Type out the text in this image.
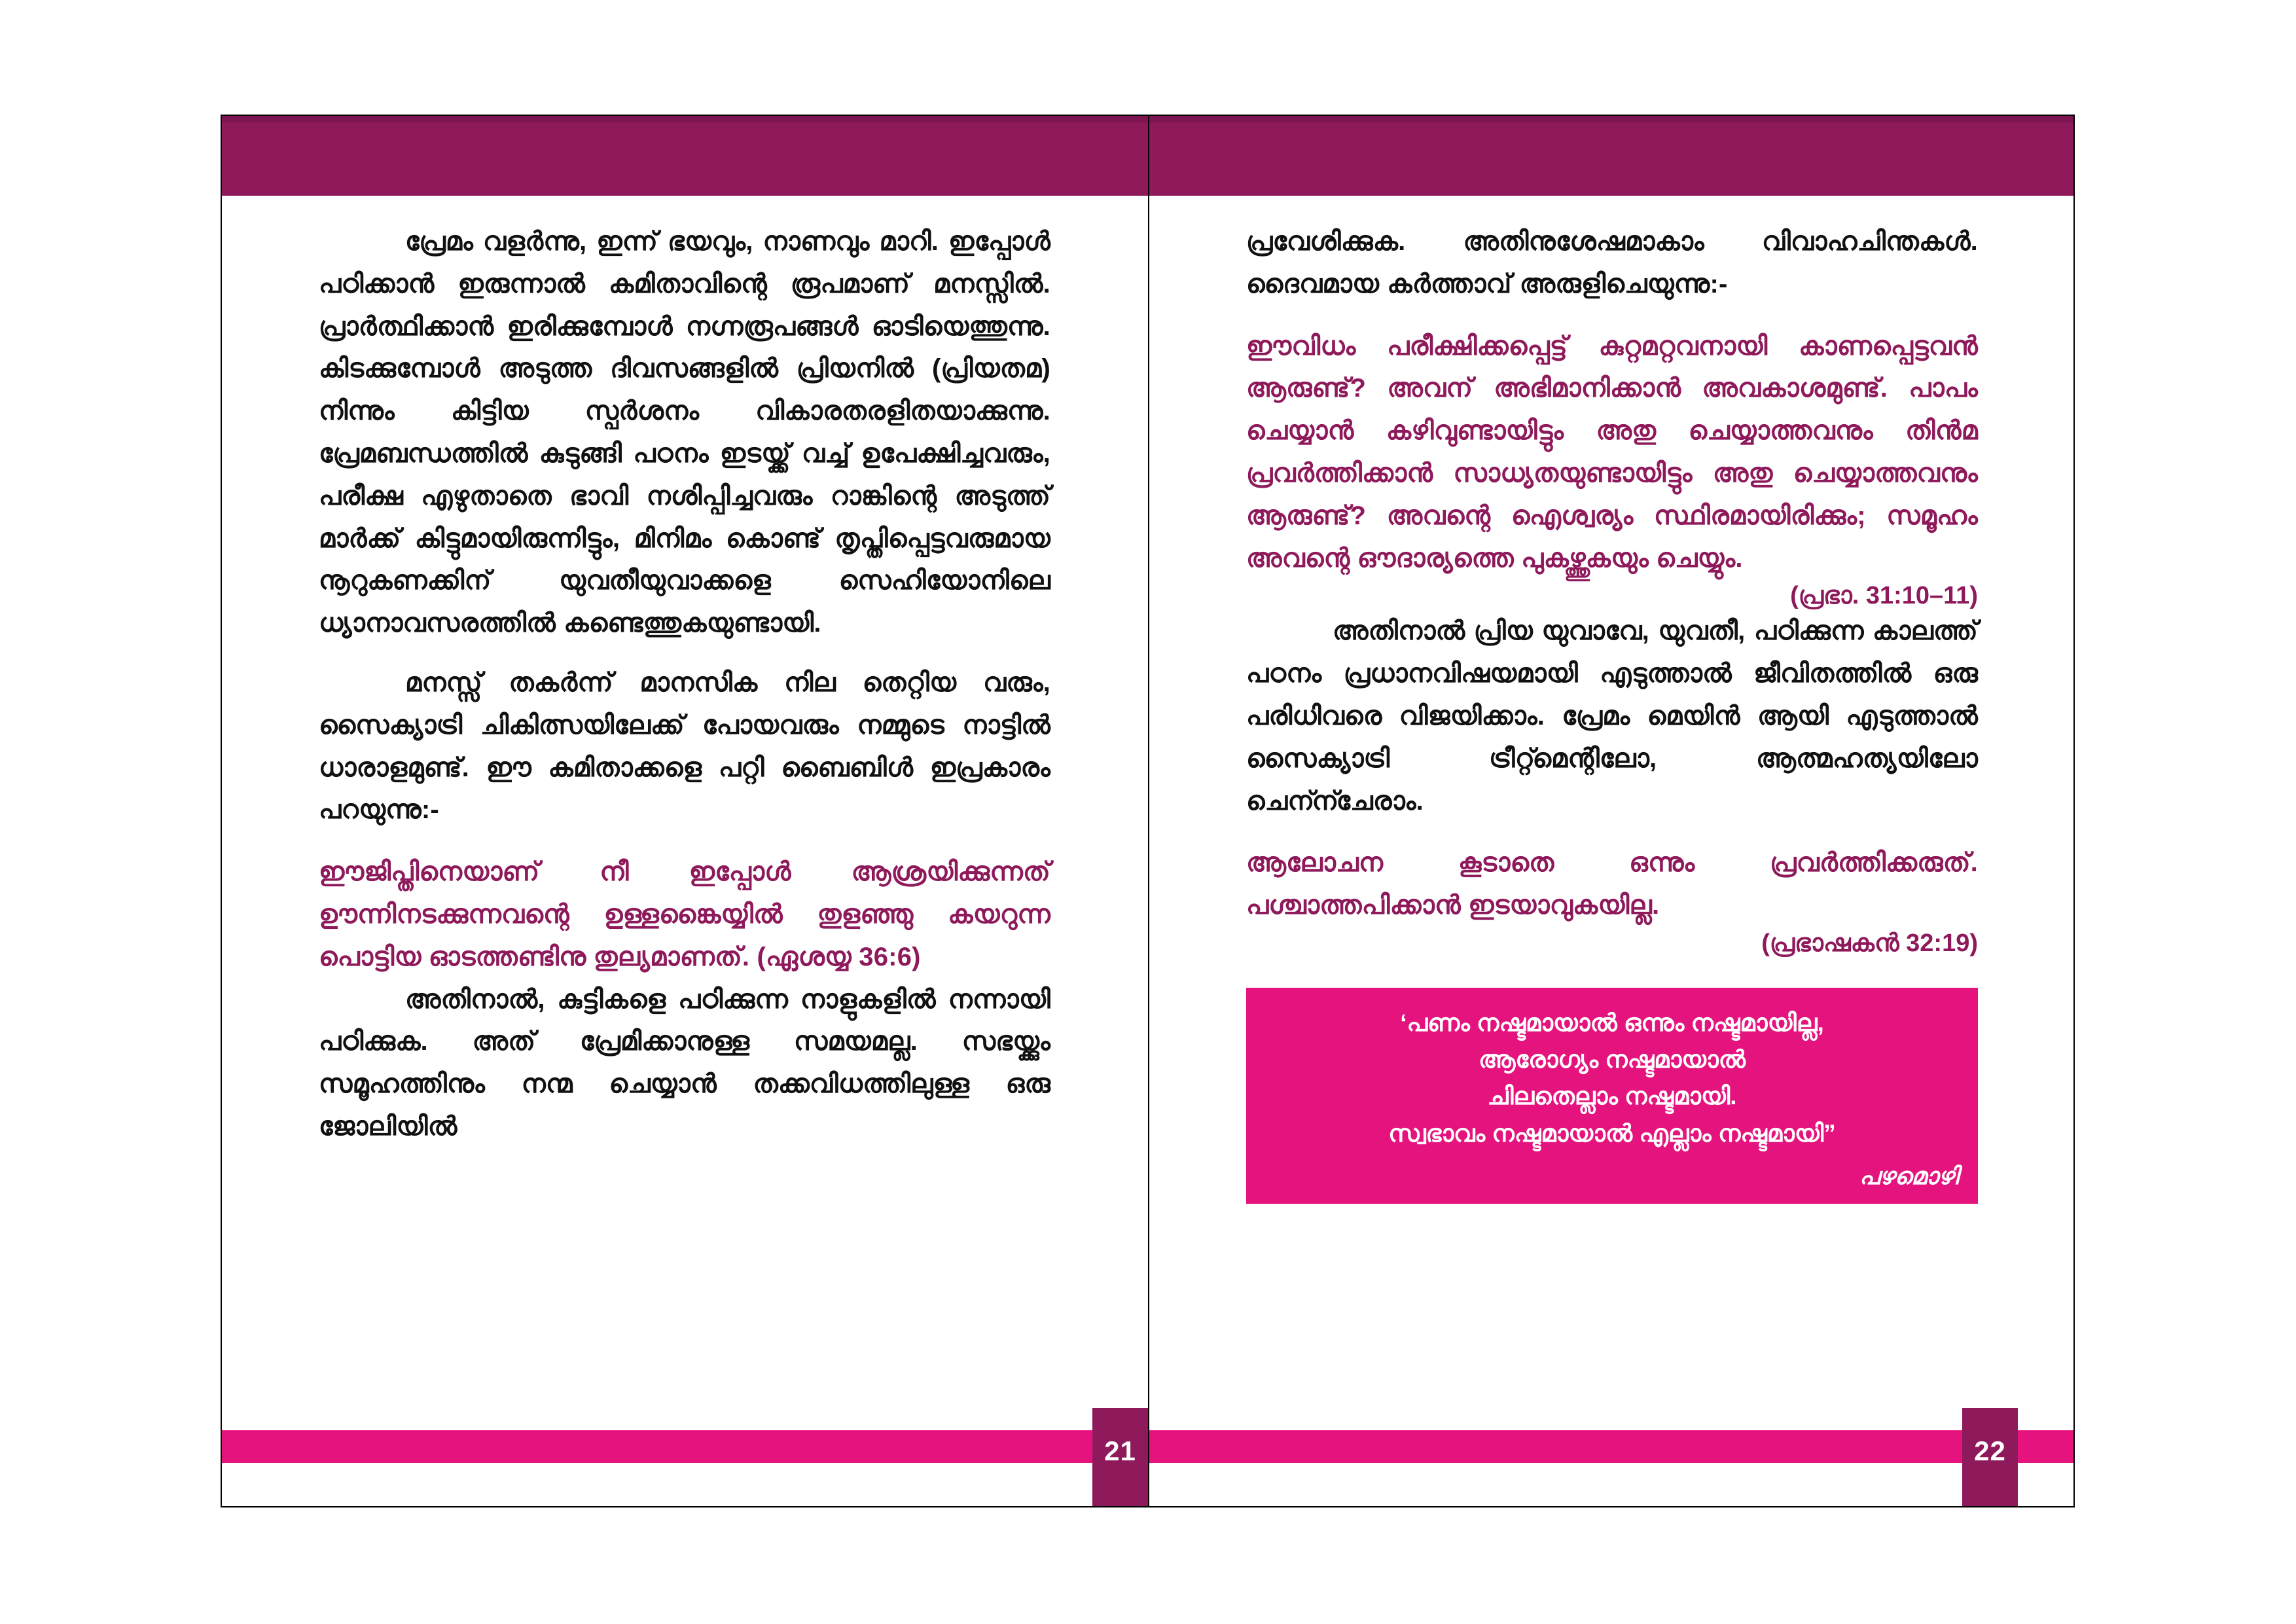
പ്രേമം വളർന്നു, ഇന്ന് ഭയവും, നാണവും മാറി. ഇപ്പോൾ പഠിക്കാൻ ഇരുന്നാൽ കമിതാവിന്റെ രൂപമാണ് മനസ്സിൽ. പ്രാർത്ഥിക്കാൻ ഇരിക്കുമ്പോൾ നഗ്നരൂപങ്ങൾ ഓടിയെത്തുന്നു. കിടക്കുമ്പോൾ അടുത്ത ദിവസങ്ങളിൽ പ്രിയനിൽ (പ്രിയതമ) നിന്നും കിട്ടിയ സ്പർശനം വികാരതരളിതയാക്കുന്നു. പ്രേമബന്ധത്തിൽ കുടുങ്ങി പഠനം ഇടയ്ക്ക് വച്ച് ഉപേക്ഷിച്ചവരും, പരീക്ഷ എഴുതാതെ ഭാവി നശിപ്പിച്ചവരും റാങ്കിന്റെ അടുത്ത് മാർക്ക് കിട്ടുമായിരുന്നിട്ടും, മിനിമം കൊണ്ട് തൃപ്തിപ്പെട്ടവരുമായ നൂറുകണക്കിന് യുവതീയുവാക്കളെ സെഹിയോനിലെ ധ്യാനാവസരത്തിൽ കണ്ടെത്തുകയുണ്ടായി.

മനസ്സ് തകർന്ന് മാനസിക നില തെറ്റിയ വരും, സൈക്യാട്രി ചികിത്സയിലേക്ക് പോയവരും നമ്മുടെ നാട്ടിൽ ധാരാളമുണ്ട്. ഈ കമിതാക്കളെ പറ്റി ബൈബിൾ ഇപ്രകാരം പറയുന്നു:-

ഈജിപ്തിനെയാണ് നീ ഇപ്പോൾ ആശ്രയിക്കുന്നത് ഊന്നിനടക്കുന്നവന്റെ ഉള്ളങ്കൈയ്യിൽ തുളഞ്ഞു കയറുന്ന പൊട്ടിയ ഓടത്തണ്ടിനു തുല്യമാണത്. (ഏശയ്യ 36:6)

അതിനാൽ, കുട്ടികളെ പഠിക്കുന്ന നാളുകളിൽ നന്നായി പഠിക്കുക. അത് പ്രേമിക്കാനുള്ള സമയമല്ല. സഭയ്ക്കും സമൂഹത്തിനും നന്മ ചെയ്യാൻ തക്കവിധത്തിലുള്ള ഒരു ജോലിയിൽ

21

പ്രവേശിക്കുക. അതിനുശേഷമാകാം വിവാഹചിന്തകൾ. ദൈവമായ കർത്താവ് അരുളിചെയുന്നു:-

ഈവിധം പരീക്ഷിക്കപ്പെട്ട് കുറ്റമറ്റവനായി കാണപ്പെട്ടവൻ ആരുണ്ട്? അവന് അഭിമാനിക്കാൻ അവകാശമുണ്ട്. പാപം ചെയ്യാൻ കഴിവുണ്ടായിട്ടും അതു ചെയ്യാത്തവനും തിൻമ പ്രവർത്തിക്കാൻ സാധ്യതയുണ്ടായിട്ടും അതു ചെയ്യാത്തവനും ആരുണ്ട്? അവന്റെ ഐശ്വര്യം സ്ഥിരമായിരിക്കും; സമൂഹം അവന്റെ ഔദാര്യത്തെ പുകഴ്ത്തുകയും ചെയ്യും.

(പ്രഭാ. 31:10–11)

അതിനാൽ പ്രിയ യുവാവേ, യുവതീ, പഠിക്കുന്ന കാലത്ത് പഠനം പ്രധാനവിഷയമായി എടുത്താൽ ജീവിതത്തിൽ ഒരു പരിധിവരെ വിജയിക്കാം. പ്രേമം മെയിൻ ആയി എടുത്താൽ സൈക്യാട്രി ട്രീറ്റ്മെന്റിലോ, ആത്മഹത്യയിലോ ചെന്ന്ചേരാം.

ആലോചന കൂടാതെ ഒന്നും പ്രവർത്തിക്കരുത്. പശ്ചാത്തപിക്കാൻ ഇടയാവുകയില്ല.

(പ്രഭാഷകൻ 32:19)

‘പണം നഷ്ടമായാൽ ഒന്നും നഷ്ടമായില്ല,
ആരോഗ്യം നഷ്ടമായാൽ
ചിലതെല്ലാം നഷ്ടമായി.
സ്വഭാവം നഷ്ടമായാൽ എല്ലാം നഷ്ടമായി”
പഴമൊഴി
22
